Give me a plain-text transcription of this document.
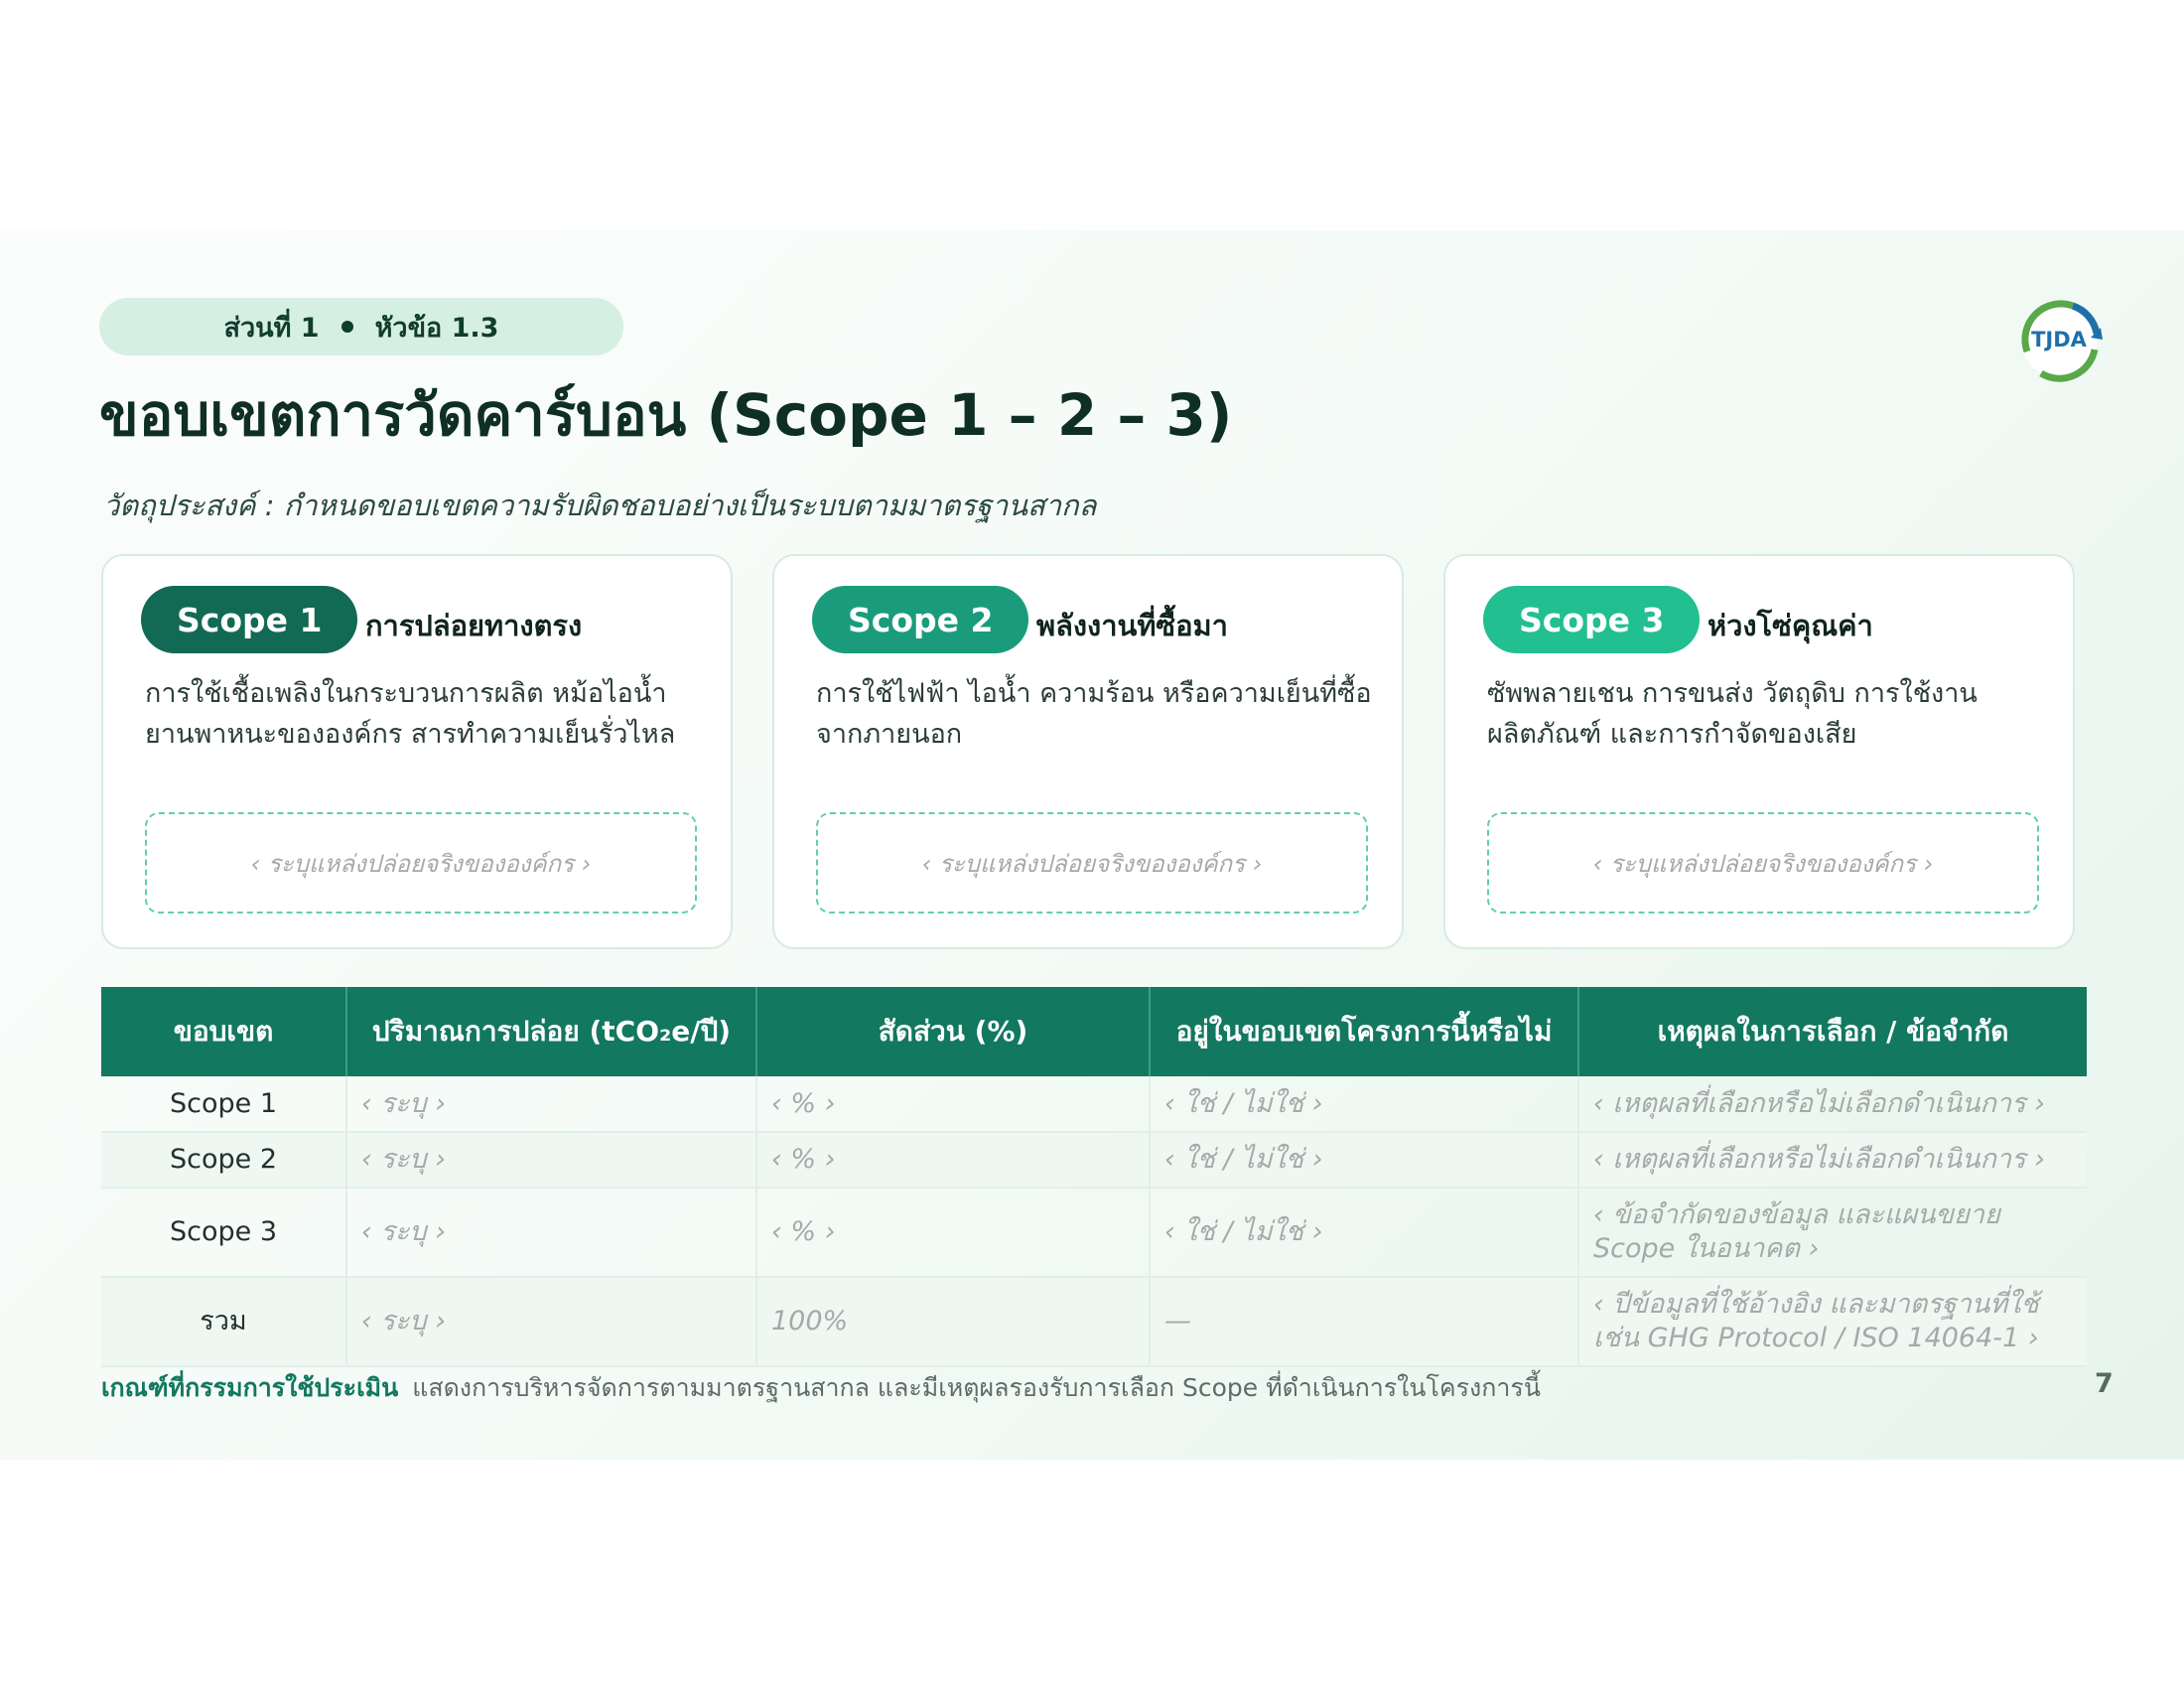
ส่วนที่ 1 หัวข้อ 1.3	TJDA
ขอบเขตการวัดคาร์บอน (Scope 1 – 2 – 3)
วัตถุประสงค์ : กำหนดขอบเขตความรับผิดชอบอย่างเป็นระบบตามมาตรฐานสากล
Scope 1	การปล่อยทางตรง
การใช้เชื้อเพลิงในกระบวนการผลิต หม้อไอน้ำ ยานพาหนะขององค์กร สารทำความเย็นรั่วไหล
‹ ระบุแหล่งปล่อยจริงขององค์กร ›
Scope 2	พลังงานที่ซื้อมา
การใช้ไฟฟ้า ไอน้ำ ความร้อน หรือความเย็นที่ซื้อจากภายนอก
‹ ระบุแหล่งปล่อยจริงขององค์กร ›
Scope 3	ห่วงโซ่คุณค่า
ซัพพลายเชน การขนส่ง วัตถุดิบ การใช้งานผลิตภัณฑ์ และการกำจัดของเสีย
‹ ระบุแหล่งปล่อยจริงขององค์กร ›
ขอบเขต	ปริมาณการปล่อย (tCO₂e/ปี)	สัดส่วน (%)	อยู่ในขอบเขตโครงการนี้หรือไม่	เหตุผลในการเลือก / ข้อจำกัด
Scope 1	‹ ระบุ ›	‹ % ›	‹ ใช่ / ไม่ใช่ ›	‹ เหตุผลที่เลือกหรือไม่เลือกดำเนินการ ›
Scope 2	‹ ระบุ ›	‹ % ›	‹ ใช่ / ไม่ใช่ ›	‹ เหตุผลที่เลือกหรือไม่เลือกดำเนินการ ›
Scope 3	‹ ระบุ ›	‹ % ›	‹ ใช่ / ไม่ใช่ ›	‹ ข้อจำกัดของข้อมูล และแผนขยาย Scope ในอนาคต ›
รวม	‹ ระบุ ›	100%	—	‹ ปีข้อมูลที่ใช้อ้างอิง และมาตรฐานที่ใช้ เช่น GHG Protocol / ISO 14064-1 ›
เกณฑ์ที่กรรมการใช้ประเมิน แสดงการบริหารจัดการตามมาตรฐานสากล และมีเหตุผลรองรับการเลือก Scope ที่ดำเนินการในโครงการนี้	7
